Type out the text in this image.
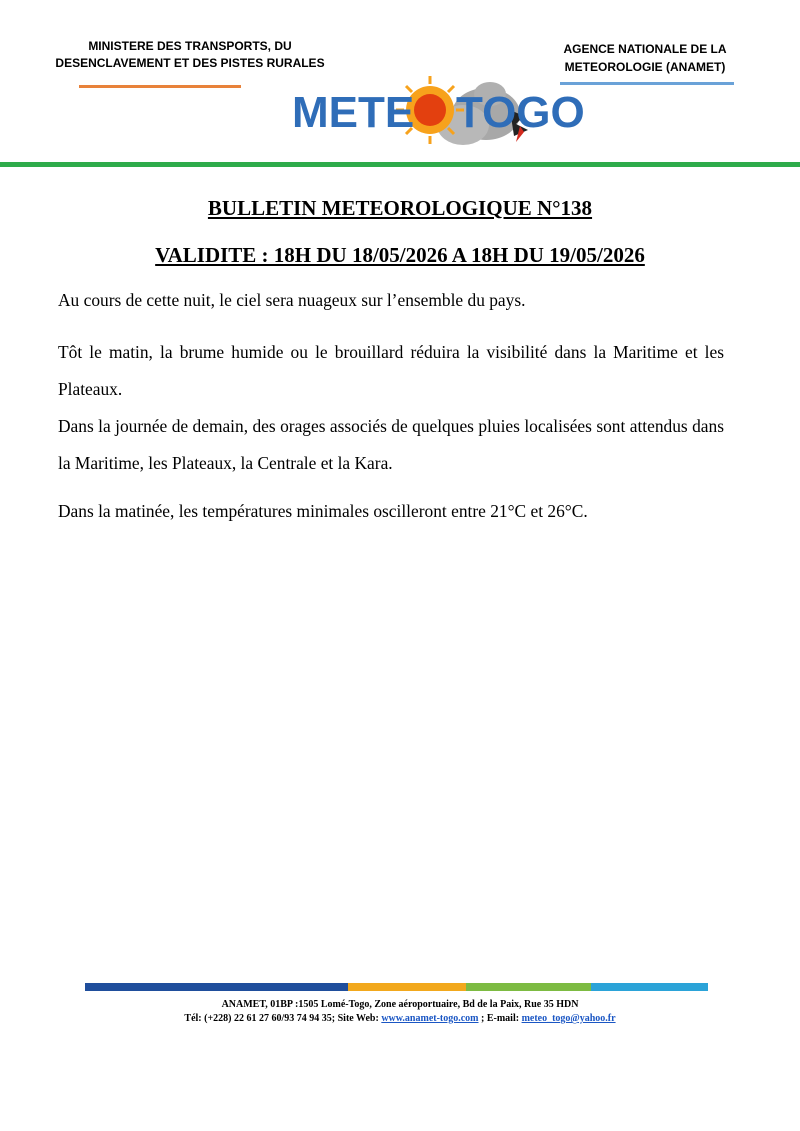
MINISTERE DES TRANSPORTS, DU
DESENCLAVEMENT ET DES PISTES RURALES
AGENCE NATIONALE DE LA
METEOROLOGIE (ANAMET)
METE TOGO
BULLETIN METEOROLOGIQUE N°138
VALIDITE : 18H DU 18/05/2026 A 18H DU 19/05/2026
Au cours de cette nuit, le ciel sera nuageux sur l’ensemble du pays.
Tôt le matin, la brume humide ou le brouillard réduira la visibilité dans la Maritime et les Plateaux.
Dans la journée de demain, des orages associés de quelques pluies localisées sont attendus dans la Maritime, les Plateaux, la Centrale et la Kara.
Dans la matinée, les températures minimales oscilleront entre 21°C et 26°C.
ANAMET, 01BP :1505 Lomé-Togo, Zone aéroportuaire, Bd de la Paix, Rue 35 HDN
Tél: (+228) 22 61 27 60/93 74 94 35; Site Web: www.anamet-togo.com ; E-mail: meteo_togo@yahoo.fr
